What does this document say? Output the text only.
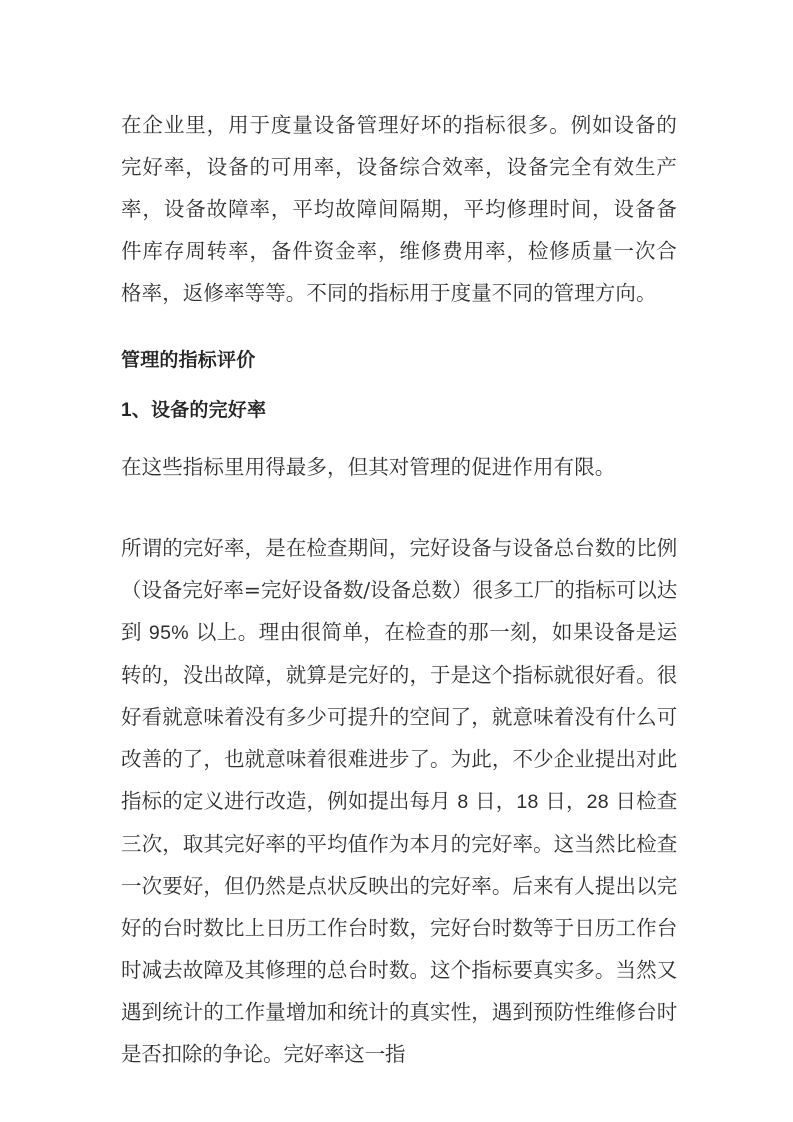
在企业里，用于度量设备管理好坏的指标很多。例如设备的完好率，设备的可用率，设备综合效率，设备完全有效生产率，设备故障率，平均故障间隔期，平均修理时间，设备备件库存周转率，备件资金率，维修费用率，检修质量一次合格率，返修率等等。不同的指标用于度量不同的管理方向。

管理的指标评价
1、设备的完好率

在这些指标里用得最多，但其对管理的促进作用有限。

所谓的完好率，是在检查期间，完好设备与设备总台数的比例（设备完好率=完好设备数/设备总数）很多工厂的指标可以达到 95% 以上。理由很简单，在检查的那一刻，如果设备是运转的，没出故障，就算是完好的，于是这个指标就很好看。很好看就意味着没有多少可提升的空间了，就意味着没有什么可改善的了，也就意味着很难进步了。为此，不少企业提出对此指标的定义进行改造，例如提出每月 8 日，18 日，28 日检查三次，取其完好率的平均值作为本月的完好率。这当然比检查一次要好，但仍然是点状反映出的完好率。后来有人提出以完好的台时数比上日历工作台时数，完好台时数等于日历工作台时减去故障及其修理的总台时数。这个指标要真实多。当然又遇到统计的工作量增加和统计的真实性，遇到预防性维修台时是否扣除的争论。完好率这一指
